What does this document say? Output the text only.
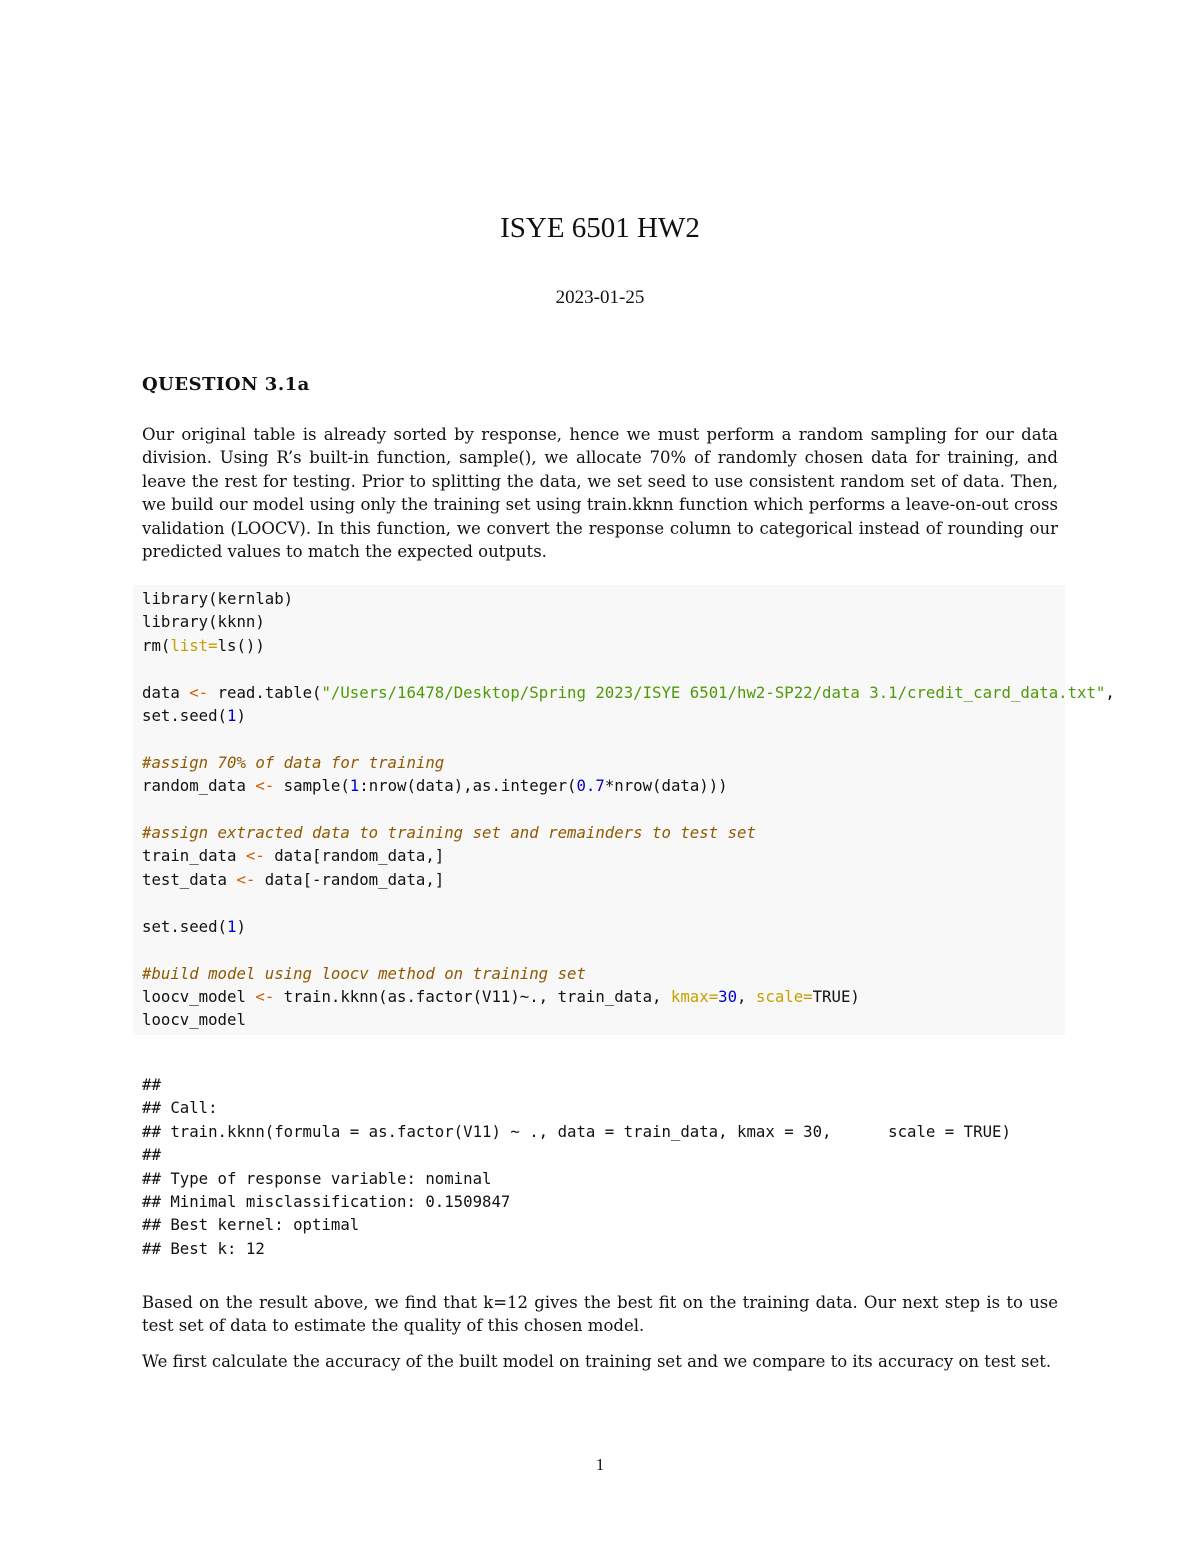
ISYE 6501 HW2
2023-01-25
QUESTION 3.1a

Our original table is already sorted by response, hence we must perform a random sampling for our data division. Using R’s built-in function, sample(), we allocate 70% of randomly chosen data for training, and leave the rest for testing. Prior to splitting the data, we set seed to use consistent random set of data. Then, we build our model using only the training set using train.kknn function which performs a leave-on-out cross validation (LOOCV). In this function, we convert the response column to categorical instead of rounding our predicted values to match the expected outputs.

library(kernlab)
library(kknn)
rm(list=ls())

data <- read.table("/Users/16478/Desktop/Spring 2023/ISYE 6501/hw2-SP22/data 3.1/credit_card_data.txt",
set.seed(1)

#assign 70% of data for training
random_data <- sample(1:nrow(data),as.integer(0.7*nrow(data)))

#assign extracted data to training set and remainders to test set
train_data <- data[random_data,]
test_data <- data[-random_data,]

set.seed(1)

#build model using loocv method on training set
loocv_model <- train.kknn(as.factor(V11)~., train_data, kmax=30, scale=TRUE)
loocv_model
##
## Call:
## train.kknn(formula = as.factor(V11) ~ ., data = train_data, kmax = 30,      scale = TRUE)
##
## Type of response variable: nominal
## Minimal misclassification: 0.1509847
## Best kernel: optimal
## Best k: 12

Based on the result above, we find that k=12 gives the best fit on the training data. Our next step is to use test set of data to estimate the quality of this chosen model.

We first calculate the accuracy of the built model on training set and we compare to its accuracy on test set.

1
